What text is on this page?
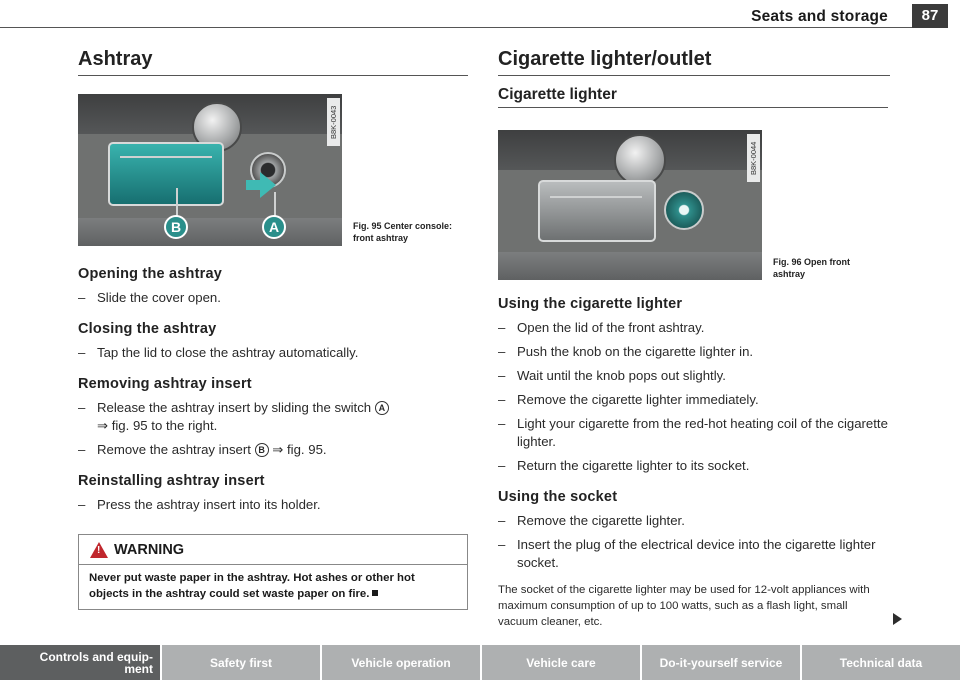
Seats and storage	87
Ashtray
B	A
B8K-0043
Fig. 95 Center console: front ashtray
Opening the ashtray
– Slide the cover open.
Closing the ashtray
– Tap the lid to close the ashtray automatically.
Removing ashtray insert
– Release the ashtray insert by sliding the switch A
⇒ fig. 95 to the right.
– Remove the ashtray insert B ⇒ fig. 95.
Reinstalling ashtray insert
– Press the ashtray insert into its holder.
!
WARNING
Never put waste paper in the ashtray. Hot ashes or other hot objects in the ashtray could set waste paper on fire.
Cigarette lighter/outlet
Cigarette lighter
B8K-0044
Fig. 96 Open front ashtray
Using the cigarette lighter
– Open the lid of the front ashtray.
– Push the knob on the cigarette lighter in.
– Wait until the knob pops out slightly.
– Remove the cigarette lighter immediately.
– Light your cigarette from the red-hot heating coil of the cigarette lighter.
– Return the cigarette lighter to its socket.
Using the socket
– Remove the cigarette lighter.
– Insert the plug of the electrical device into the cigarette lighter socket.
The socket of the cigarette lighter may be used for 12-volt appliances with maximum consumption of up to 100 watts, such as a flash light, small vacuum cleaner, etc.
Controls and equip-
ment	Safety first	Vehicle operation	Vehicle care	Do-it-yourself service	Technical data
